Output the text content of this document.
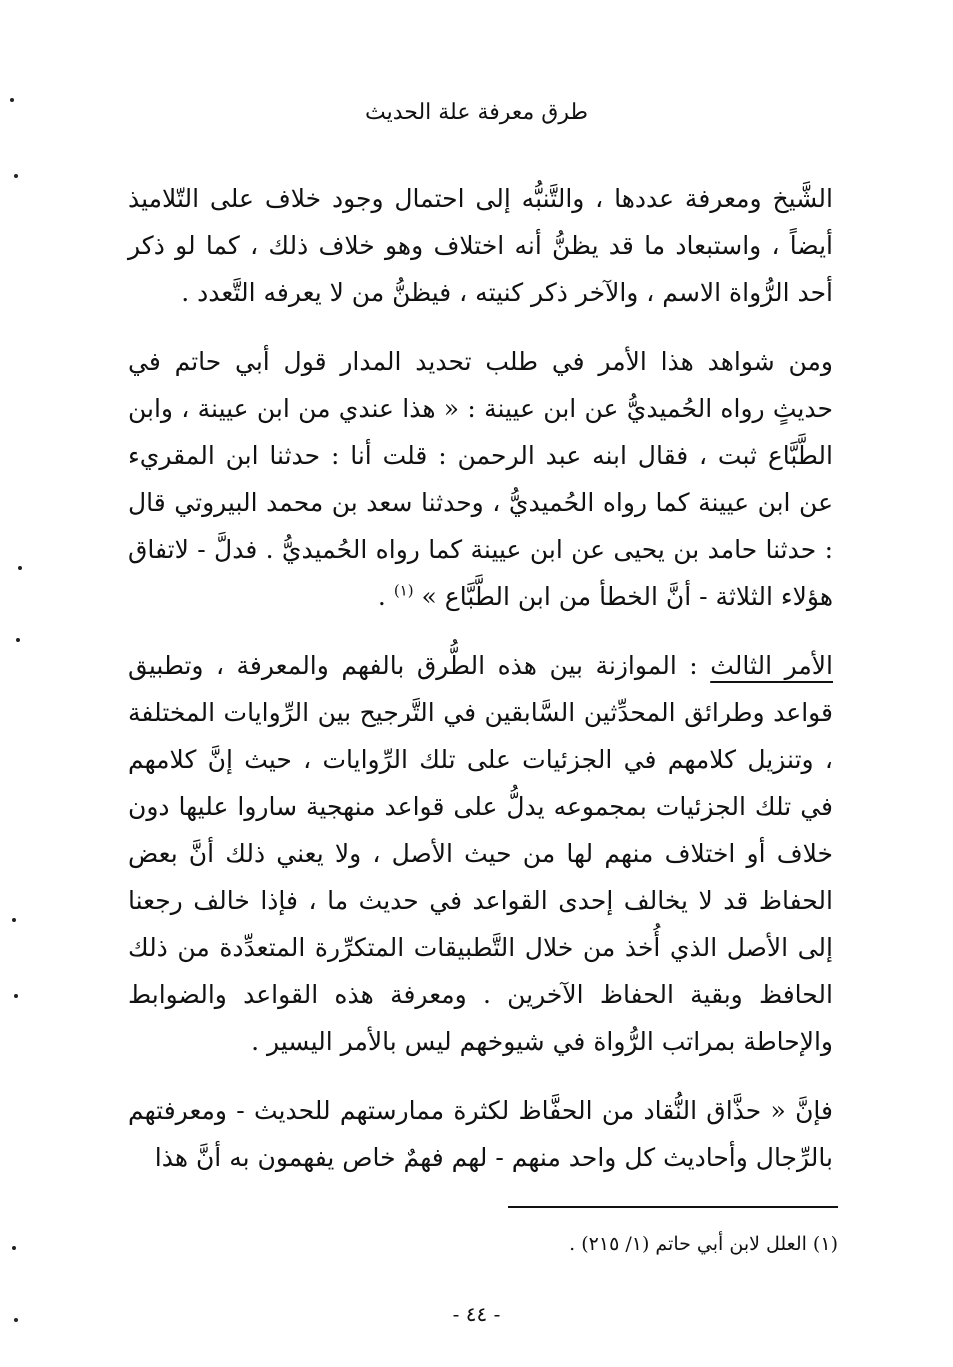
طرق معرفة علة الحديث

الشَّيخ ومعرفة عددها ، والتَّنبُّه إلى احتمال وجود خلاف على التّلاميذ أيضاً ، واستبعاد ما قد يظنُّ أنه اختلاف وهو خلاف ذلك ، كما لو ذكر أحد الرُّواة الاسم ، والآخر ذكر كنيته ، فيظنُّ من لا يعرفه التَّعدد .

ومن شواهد هذا الأمر في طلب تحديد المدار قول أبي حاتم في حديثٍ رواه الحُميديُّ عن ابن عيينة : « هذا عندي من ابن عيينة ، وابن الطَّبَّاع ثبت ، فقال ابنه عبد الرحمن : قلت أنا : حدثنا ابن المقريء عن ابن عيينة كما رواه الحُميديُّ ، وحدثنا سعد بن محمد البيروتي قال : حدثنا حامد بن يحيى عن ابن عيينة كما رواه الحُميديُّ . فدلَّ - لاتفاق هؤلاء الثلاثة - أنَّ الخطأ من ابن الطَّبَّاع » $^{(١)}$ .

الأمر الثالث : الموازنة بين هذه الطُّرق بالفهم والمعرفة ، وتطبيق قواعد وطرائق المحدِّثين السَّابقين في التَّرجيح بين الرِّوايات المختلفة ، وتنزيل كلامهم في الجزئيات على تلك الرِّوايات ، حيث إنَّ كلامهم في تلك الجزئيات بمجموعه يدلُّ على قواعد منهجية ساروا عليها دون خلاف أو اختلاف منهم لها من حيث الأصل ، ولا يعني ذلك أنَّ بعض الحفاظ قد لا يخالف إحدى القواعد في حديث ما ، فإذا خالف رجعنا إلى الأصل الذي أُخذ من خلال التَّطبيقات المتكرِّرة المتعدِّدة من ذلك الحافظ وبقية الحفاظ الآخرين . ومعرفة هذه القواعد والضوابط والإحاطة بمراتب الرُّواة في شيوخهم ليس بالأمر اليسير .

فإنَّ « حذَّاق النُّقاد من الحفَّاظ لكثرة ممارستهم للحديث - ومعرفتهم بالرِّجال وأحاديث كل واحد منهم - لهم فهمٌ خاص يفهمون به أنَّ هذا

(١) العلل لابن أبي حاتم (١/ ٢١٥) .
- ٤٤ -
